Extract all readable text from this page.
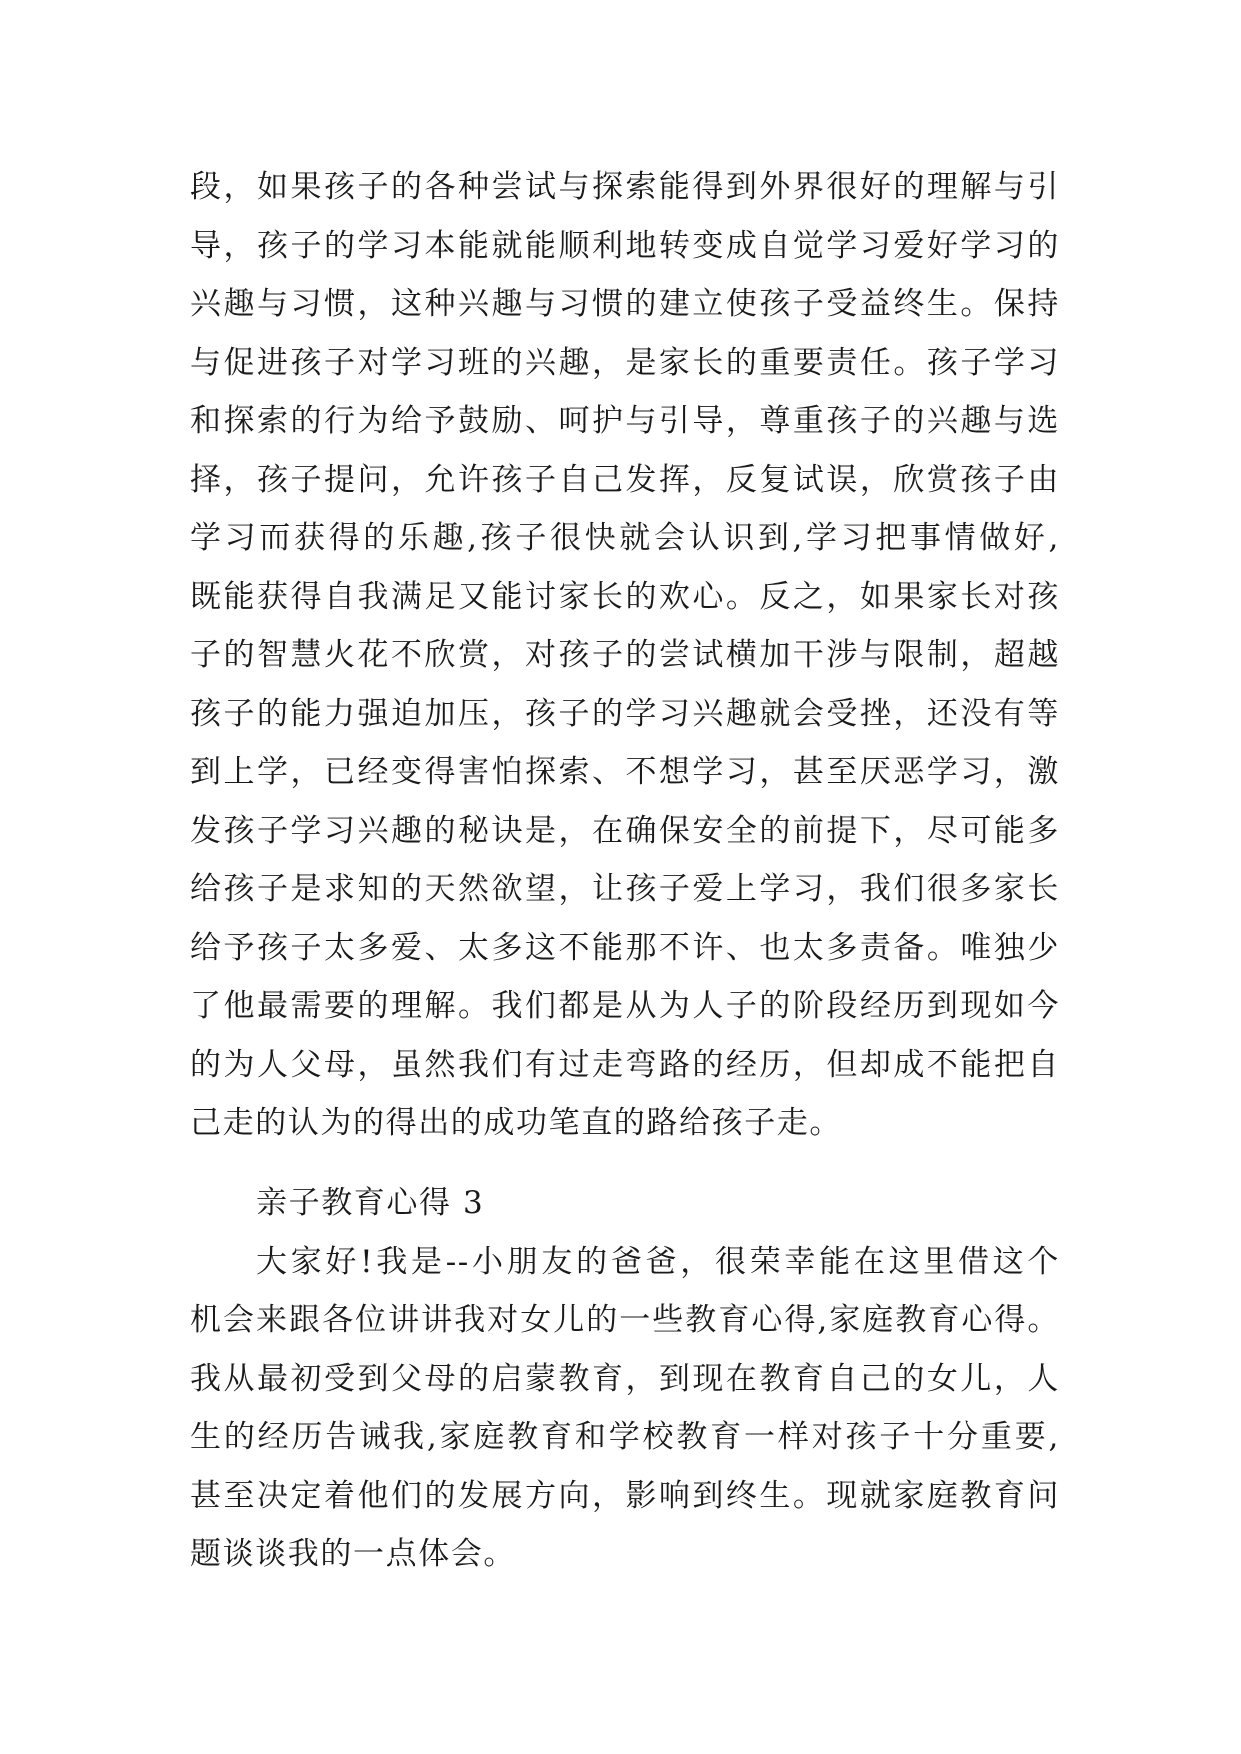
段，如果孩子的各种尝试与探索能得到外界很好的理解与引
导，孩子的学习本能就能顺利地转变成自觉学习爱好学习的
兴趣与习惯，这种兴趣与习惯的建立使孩子受益终生。保持
与促进孩子对学习班的兴趣，是家长的重要责任。孩子学习
和探索的行为给予鼓励、呵护与引导，尊重孩子的兴趣与选
择，孩子提问，允许孩子自己发挥，反复试误，欣赏孩子由
学习而获得的乐趣,孩子很快就会认识到,学习把事情做好,
既能获得自我满足又能讨家长的欢心。反之，如果家长对孩
子的智慧火花不欣赏，对孩子的尝试横加干涉与限制，超越
孩子的能力强迫加压，孩子的学习兴趣就会受挫，还没有等
到上学，已经变得害怕探索、不想学习，甚至厌恶学习，激
发孩子学习兴趣的秘诀是，在确保安全的前提下，尽可能多
给孩子是求知的天然欲望，让孩子爱上学习，我们很多家长
给予孩子太多爱、太多这不能那不许、也太多责备。唯独少
了他最需要的理解。我们都是从为人子的阶段经历到现如今
的为人父母，虽然我们有过走弯路的经历，但却成不能把自
己走的认为的得出的成功笔直的路给孩子走。
亲子教育心得 3
大家好!我是--小朋友的爸爸，很荣幸能在这里借这个
机会来跟各位讲讲我对女儿的一些教育心得,家庭教育心得。
我从最初受到父母的启蒙教育，到现在教育自己的女儿，人
生的经历告诫我,家庭教育和学校教育一样对孩子十分重要,
甚至决定着他们的发展方向，影响到终生。现就家庭教育问
题谈谈我的一点体会。
